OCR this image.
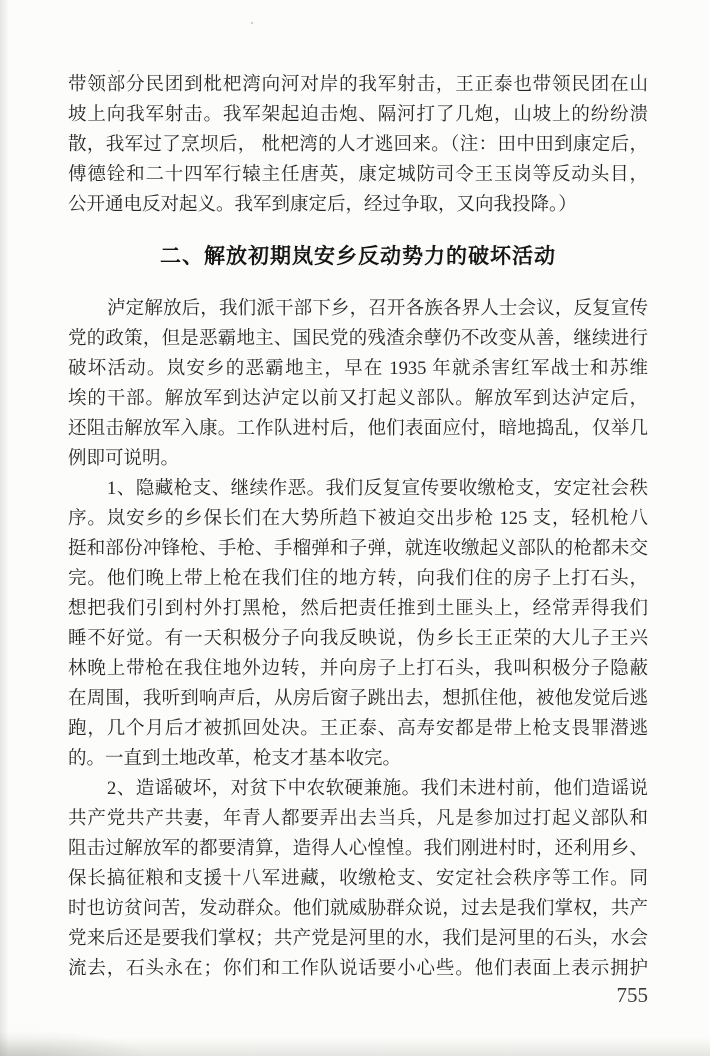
带领部分民团到枇杷湾向河对岸的我军射击，王正泰也带领民团在山
坡上向我军射击。我军架起迫击炮、隔河打了几炮，山坡上的纷纷溃
散，我军过了烹坝后， 枇杷湾的人才逃回来。（注：田中田到康定后，
傅德铨和二十四军行辕主任唐英，康定城防司令王玉岗等反动头目，
公开通电反对起义。我军到康定后，经过争取，又向我投降。）
二、解放初期岚安乡反动势力的破坏活动
泸定解放后，我们派干部下乡，召开各族各界人士会议，反复宣传
党的政策，但是恶霸地主、国民党的残渣余孽仍不改变从善，继续进行
破坏活动。岚安乡的恶霸地主，早在 1935 年就杀害红军战士和苏维
埃的干部。解放军到达泸定以前又打起义部队。解放军到达泸定后，
还阻击解放军入康。工作队进村后，他们表面应付，暗地捣乱，仅举几
例即可说明。
1、隐藏枪支、继续作恶。我们反复宣传要收缴枪支，安定社会秩
序。岚安乡的乡保长们在大势所趋下被迫交出步枪 125 支，轻机枪八
挺和部份冲锋枪、手枪、手榴弹和子弹，就连收缴起义部队的枪都未交
完。他们晚上带上枪在我们住的地方转，向我们住的房子上打石头，
想把我们引到村外打黑枪，然后把责任推到土匪头上，经常弄得我们
睡不好觉。有一天积极分子向我反映说，伪乡长王正荣的大儿子王兴
林晚上带枪在我住地外边转，并向房子上打石头，我叫积极分子隐蔽
在周围，我听到响声后，从房后窗子跳出去，想抓住他，被他发觉后逃
跑，几个月后才被抓回处决。王正泰、高寿安都是带上枪支畏罪潜逃
的。一直到土地改革，枪支才基本收完。
2、造谣破坏，对贫下中农软硬兼施。我们未进村前，他们造谣说
共产党共产共妻，年青人都要弄出去当兵，凡是参加过打起义部队和
阻击过解放军的都要清算，造得人心惶惶。我们刚进村时，还利用乡、
保长搞征粮和支援十八军进藏，收缴枪支、安定社会秩序等工作。同
时也访贫问苦，发动群众。他们就威胁群众说，过去是我们掌权，共产
党来后还是要我们掌权；共产党是河里的水，我们是河里的石头，水会
流去，石头永在；你们和工作队说话要小心些。他们表面上表示拥护
755
